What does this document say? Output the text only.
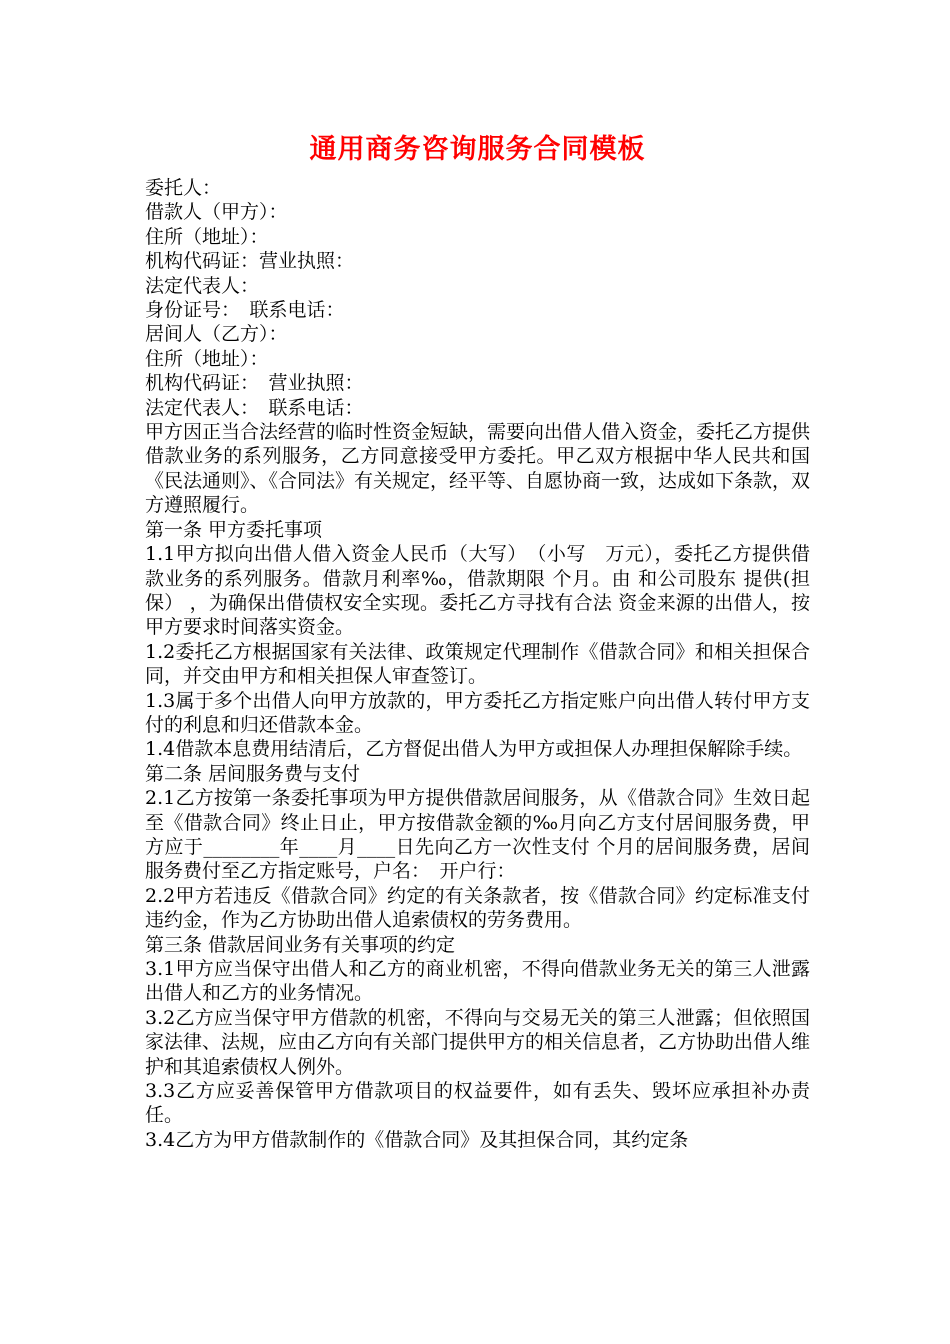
通用商务咨询服务合同模板

委托人：

借款人（甲方）：

住所（地址）：

机构代码证：营业执照：

法定代表人：

身份证号：　联系电话：

居间人（乙方）：

住所（地址）：

机构代码证：　营业执照：

法定代表人：　联系电话：

甲方因正当合法经营的临时性资金短缺，需要向出借人借入资金，委托乙方提供借款业务的系列服务，乙方同意接受甲方委托。甲乙双方根据中华人民共和国《民法通则》、《合同法》有关规定，经平等、自愿协商一致，达成如下条款，双方遵照履行。

第一条 甲方委托事项

1.1甲方拟向出借人借入资金人民币（大写）　（小写　万元），委托乙方提供借款业务的系列服务。借款月利率‰，借款期限 个月。由 和公司股东 提供(担保） ，为确保出借债权安全实现。委托乙方寻找有合法 资金来源的出借人，按甲方要求时间落实资金。

1.2委托乙方根据国家有关法律、政策规定代理制作《借款合同》和相关担保合同，并交由甲方和相关担保人审查签订。

1.3属于多个出借人向甲方放款的，甲方委托乙方指定账户向出借人转付甲方支付的利息和归还借款本金。

1.4借款本息费用结清后，乙方督促出借人为甲方或担保人办理担保解除手续。

第二条 居间服务费与支付

2.1乙方按第一条委托事项为甲方提供借款居间服务，从《借款合同》生效日起至《借款合同》终止日止，甲方按借款金额的‰月向乙方支付居间服务费，甲方应于________年____月____日先向乙方一次性支付 个月的居间服务费，居间服务费付至乙方指定账号，户名：　开户行：

2.2甲方若违反《借款合同》约定的有关条款者，按《借款合同》约定标准支付违约金，作为乙方协助出借人追索债权的劳务费用。

第三条 借款居间业务有关事项的约定

3.1甲方应当保守出借人和乙方的商业机密，不得向借款业务无关的第三人泄露出借人和乙方的业务情况。

3.2乙方应当保守甲方借款的机密，不得向与交易无关的第三人泄露；但依照国家法律、法规，应由乙方向有关部门提供甲方的相关信息者，乙方协助出借人维护和其追索债权人例外。

3.3乙方应妥善保管甲方借款项目的权益要件，如有丢失、毁坏应承担补办责任。

3.4乙方为甲方借款制作的《借款合同》及其担保合同，其约定条
